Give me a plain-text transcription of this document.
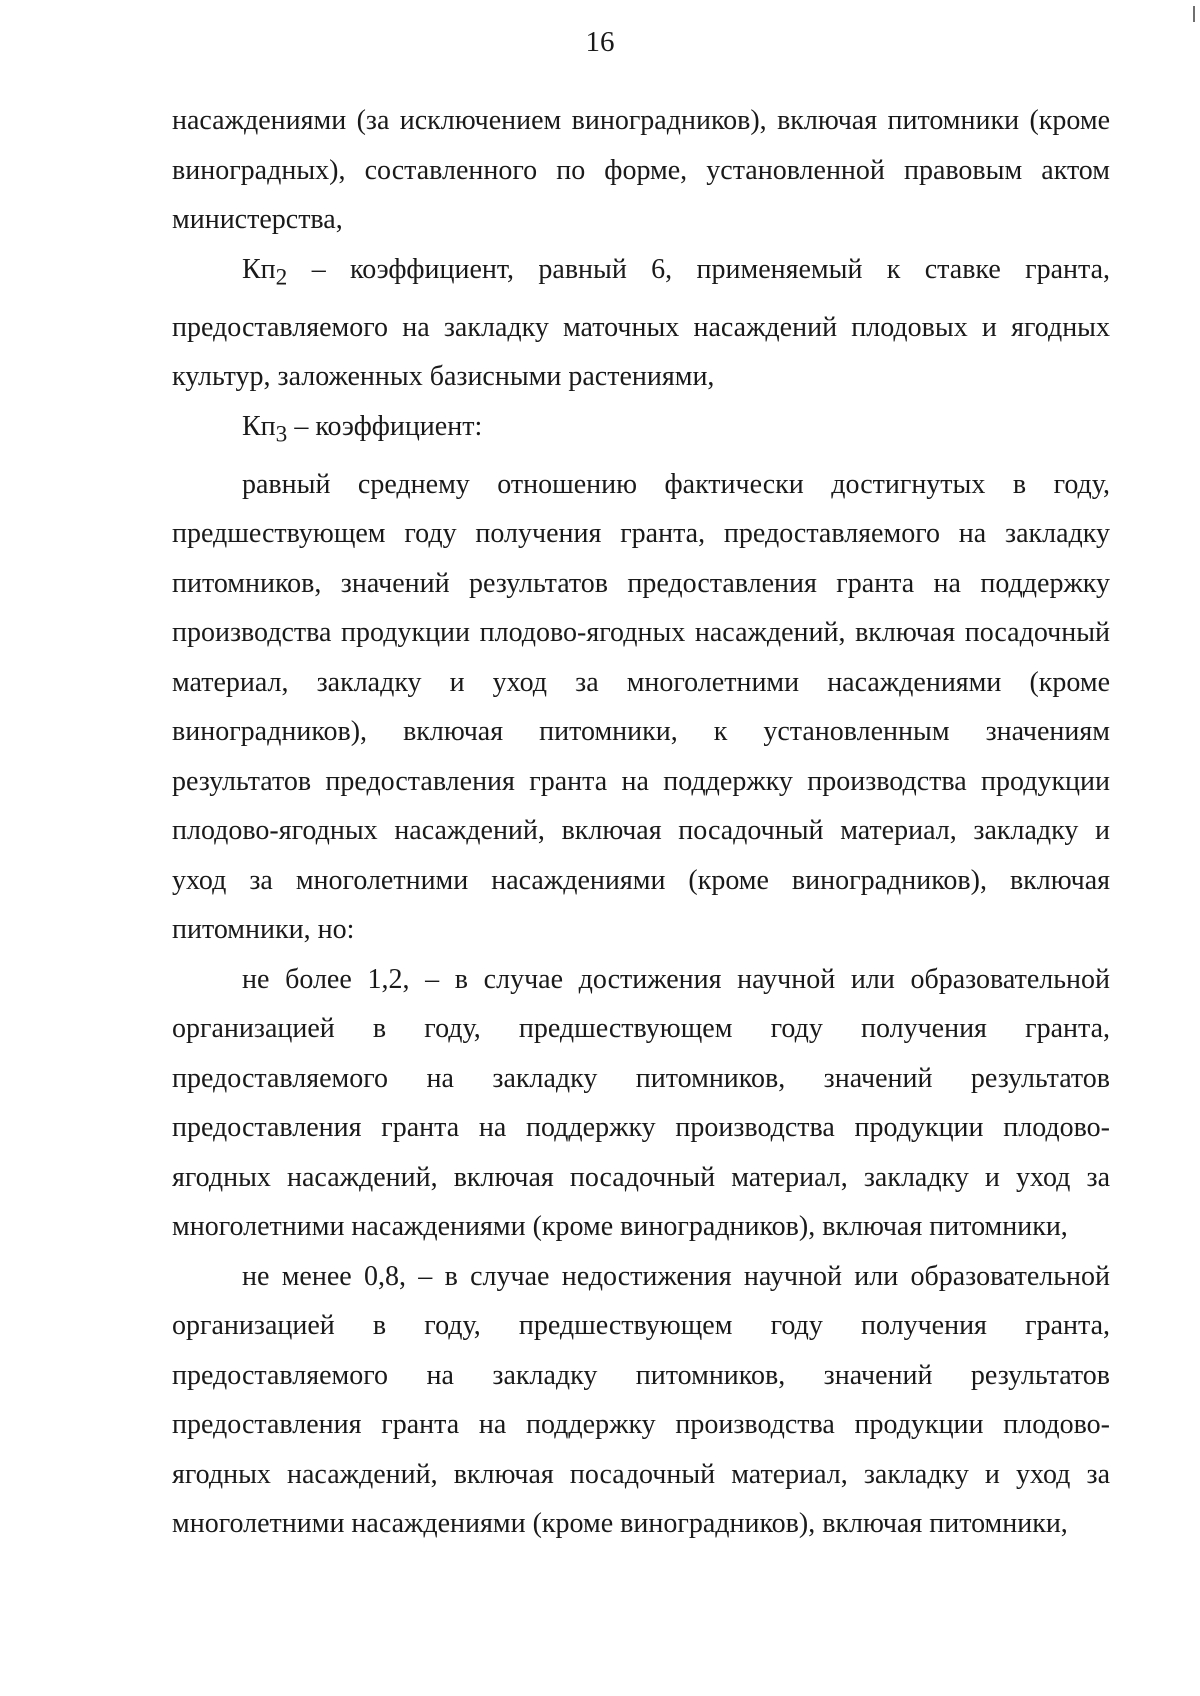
16

насаждениями (за исключением виноградников), включая питомники (кроме виноградных), составленного по форме, установленной правовым актом министерства,

$Кп_2$ – коэффициент, равный 6, применяемый к ставке гранта, предоставляемого на закладку маточных насаждений плодовых и ягодных культур, заложенных базисными растениями,

$Кп_3$ – коэффициент:

равный среднему отношению фактически достигнутых в году, предшествующем году получения гранта, предоставляемого на закладку питомников, значений результатов предоставления гранта на поддержку производства продукции плодово-ягодных насаждений, включая посадочный материал, закладку и уход за многолетними насаждениями (кроме виноградников), включая питомники, к установленным значениям результатов предоставления гранта на поддержку производства продукции плодово-ягодных насаждений, включая посадочный материал, закладку и уход за многолетними насаждениями (кроме виноградников), включая питомники, но:

не более 1,2, – в случае достижения научной или образовательной организацией в году, предшествующем году получения гранта, предоставляемого на закладку питомников, значений результатов предоставления гранта на поддержку производства продукции плодово-ягодных насаждений, включая посадочный материал, закладку и уход за многолетними насаждениями (кроме виноградников), включая питомники,

не менее 0,8, – в случае недостижения научной или образовательной организацией в году, предшествующем году получения гранта, предоставляемого на закладку питомников, значений результатов предоставления гранта на поддержку производства продукции плодово-ягодных насаждений, включая посадочный материал, закладку и уход за многолетними насаждениями (кроме виноградников), включая питомники,
